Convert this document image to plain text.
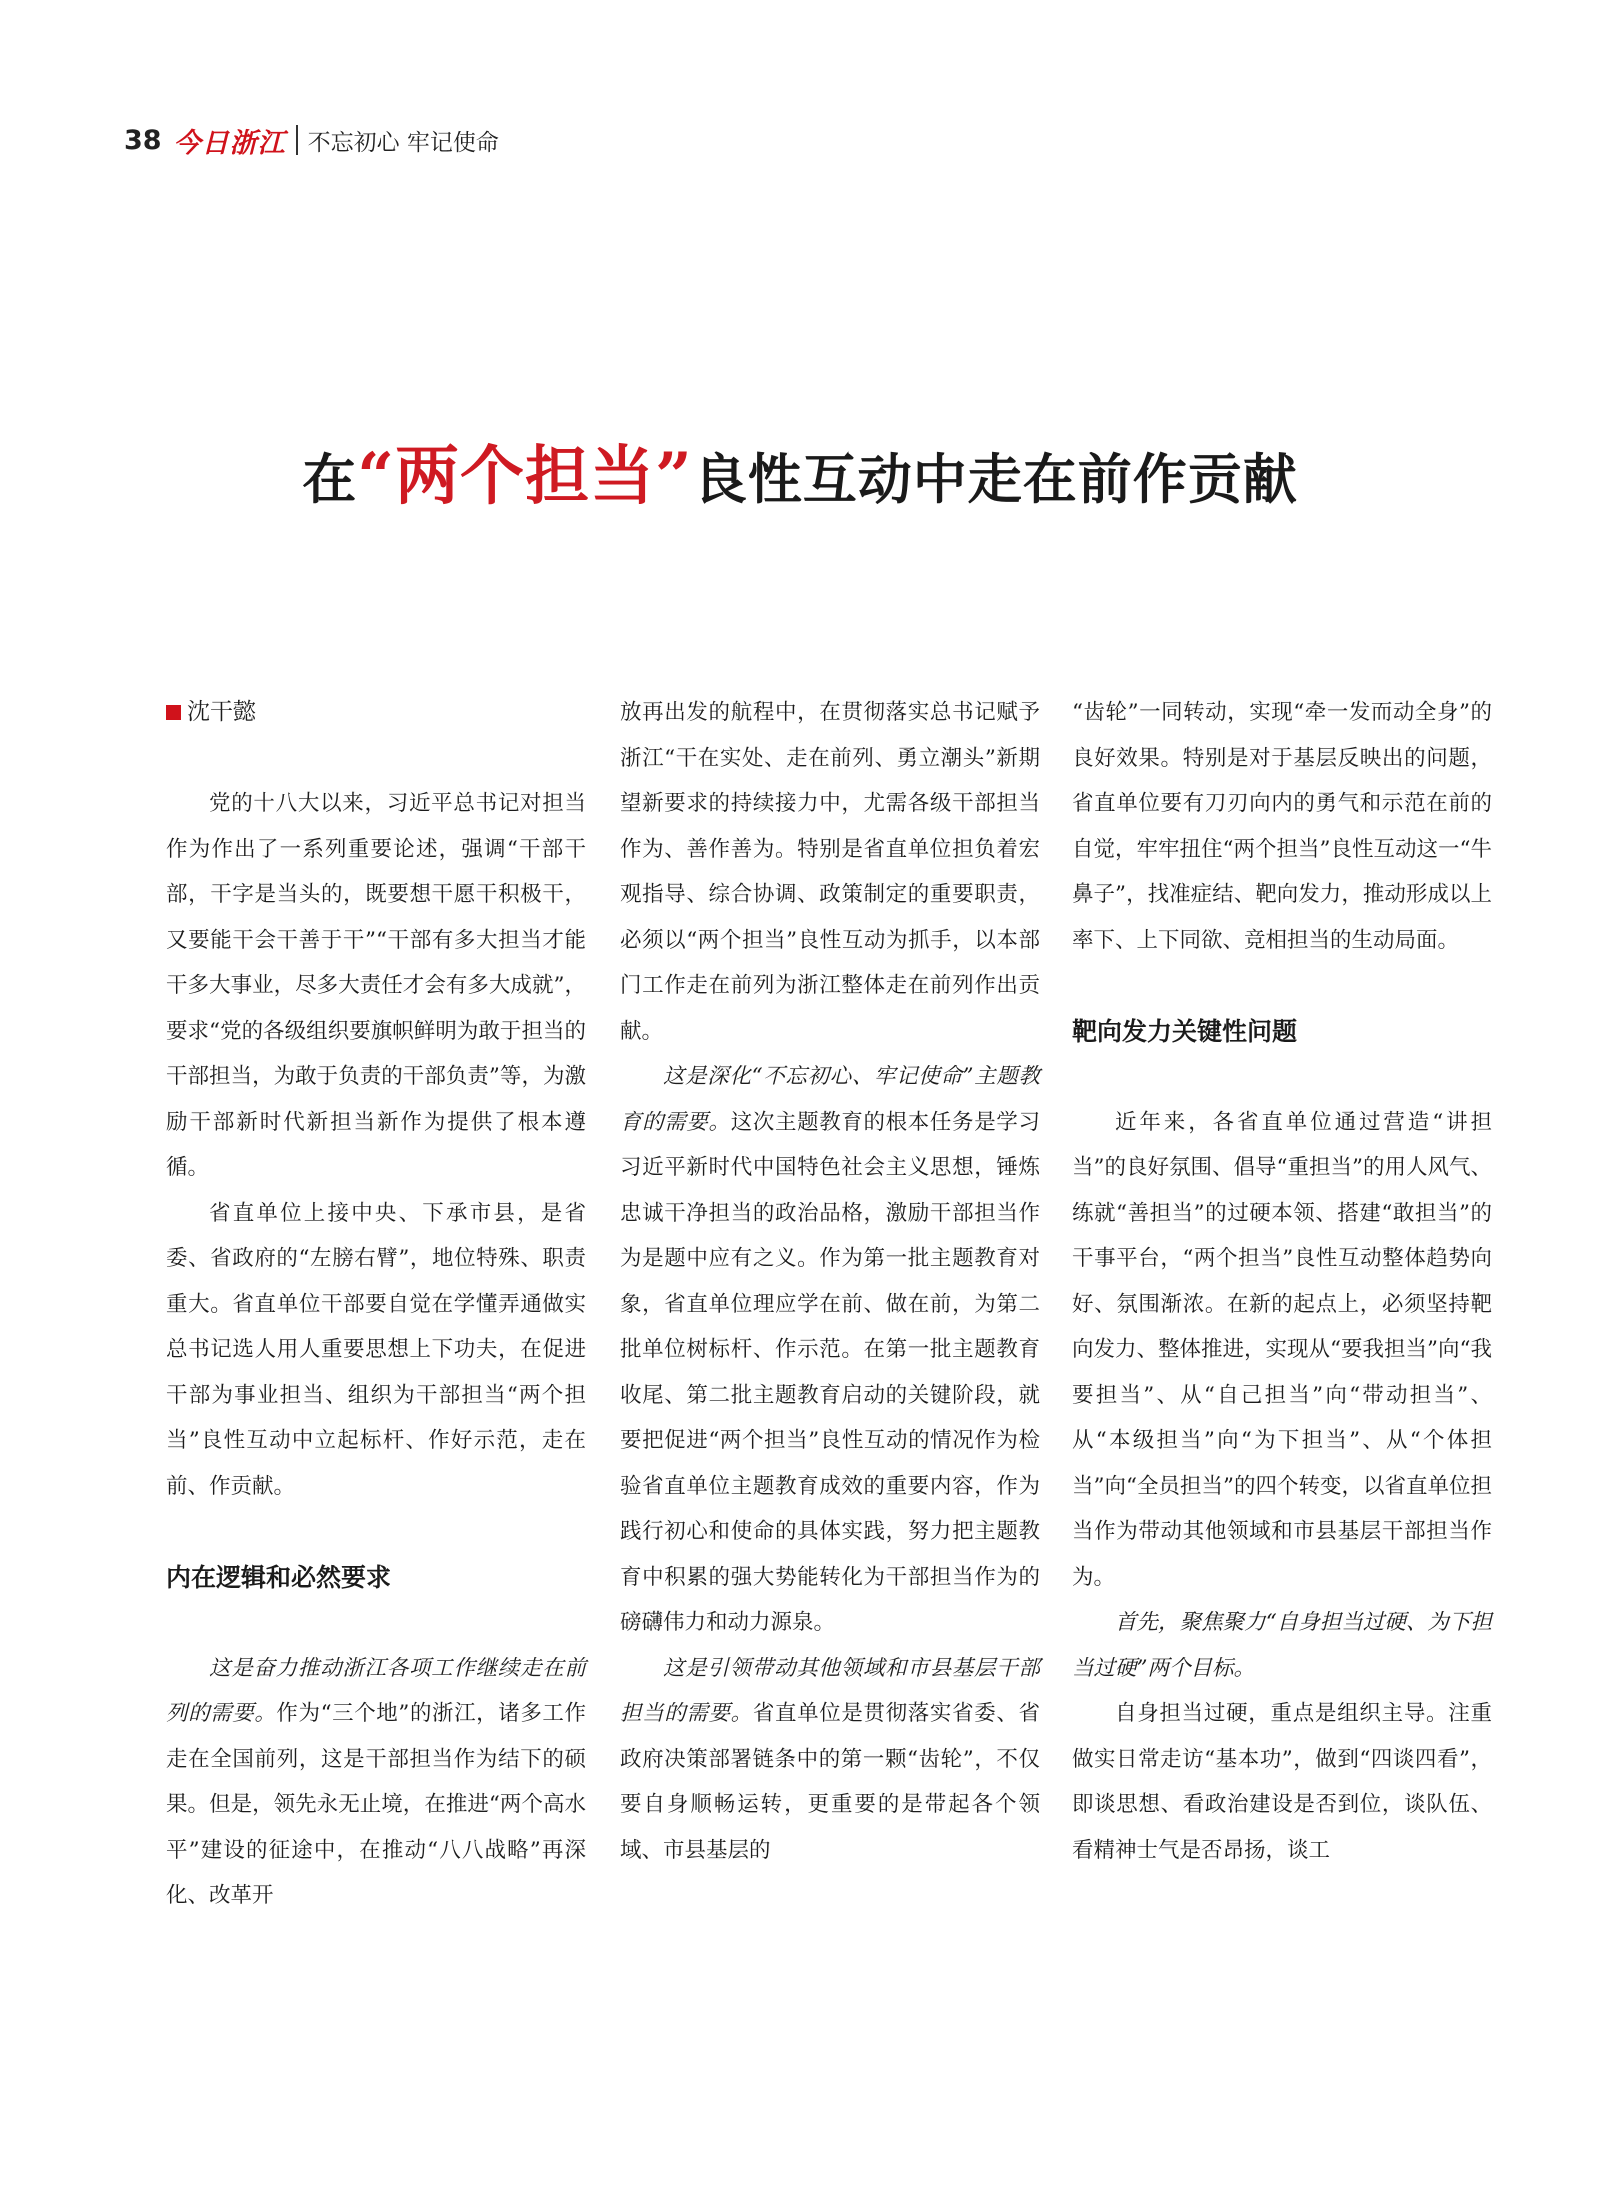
38 今日浙江 不忘初心 牢记使命
在“两个担当”良性互动中走在前作贡献
沈干懿

党的十八大以来，习近平总书记对担当作为作出了一系列重要论述，强调“干部干部，干字是当头的，既要想干愿干积极干，又要能干会干善于干”“干部有多大担当才能干多大事业，尽多大责任才会有多大成就”，要求“党的各级组织要旗帜鲜明为敢于担当的干部担当，为敢于负责的干部负责”等，为激励干部新时代新担当新作为提供了根本遵循。

省直单位上接中央、下承市县，是省委、省政府的“左膀右臂”，地位特殊、职责重大。省直单位干部要自觉在学懂弄通做实总书记选人用人重要思想上下功夫，在促进干部为事业担当、组织为干部担当“两个担当”良性互动中立起标杆、作好示范，走在前、作贡献。

内在逻辑和必然要求

这是奋力推动浙江各项工作继续走在前列的需要。作为“三个地”的浙江，诸多工作走在全国前列，这是干部担当作为结下的硕果。但是，领先永无止境，在推进“两个高水平”建设的征途中，在推动“八八战略”再深化、改革开

放再出发的航程中，在贯彻落实总书记赋予浙江“干在实处、走在前列、勇立潮头”新期望新要求的持续接力中，尤需各级干部担当作为、善作善为。特别是省直单位担负着宏观指导、综合协调、政策制定的重要职责，必须以“两个担当”良性互动为抓手，以本部门工作走在前列为浙江整体走在前列作出贡献。

这是深化“不忘初心、牢记使命”主题教育的需要。这次主题教育的根本任务是学习习近平新时代中国特色社会主义思想，锤炼忠诚干净担当的政治品格，激励干部担当作为是题中应有之义。作为第一批主题教育对象，省直单位理应学在前、做在前，为第二批单位树标杆、作示范。在第一批主题教育收尾、第二批主题教育启动的关键阶段，就要把促进“两个担当”良性互动的情况作为检验省直单位主题教育成效的重要内容，作为践行初心和使命的具体实践，努力把主题教育中积累的强大势能转化为干部担当作为的磅礴伟力和动力源泉。

这是引领带动其他领域和市县基层干部担当的需要。省直单位是贯彻落实省委、省政府决策部署链条中的第一颗“齿轮”，不仅要自身顺畅运转，更重要的是带起各个领域、市县基层的

“齿轮”一同转动，实现“牵一发而动全身”的良好效果。特别是对于基层反映出的问题，省直单位要有刀刃向内的勇气和示范在前的自觉，牢牢扭住“两个担当”良性互动这一“牛鼻子”，找准症结、靶向发力，推动形成以上率下、上下同欲、竞相担当的生动局面。

靶向发力关键性问题

近年来，各省直单位通过营造“讲担当”的良好氛围、倡导“重担当”的用人风气、练就“善担当”的过硬本领、搭建“敢担当”的干事平台，“两个担当”良性互动整体趋势向好、氛围渐浓。在新的起点上，必须坚持靶向发力、整体推进，实现从“要我担当”向“我要担当”、从“自己担当”向“带动担当”、从“本级担当”向“为下担当”、从“个体担当”向“全员担当”的四个转变，以省直单位担当作为带动其他领域和市县基层干部担当作为。

首先，聚焦聚力“自身担当过硬、为下担当过硬”两个目标。

自身担当过硬，重点是组织主导。注重做实日常走访“基本功”，做到“四谈四看”，即谈思想、看政治建设是否到位，谈队伍、看精神士气是否昂扬，谈工
